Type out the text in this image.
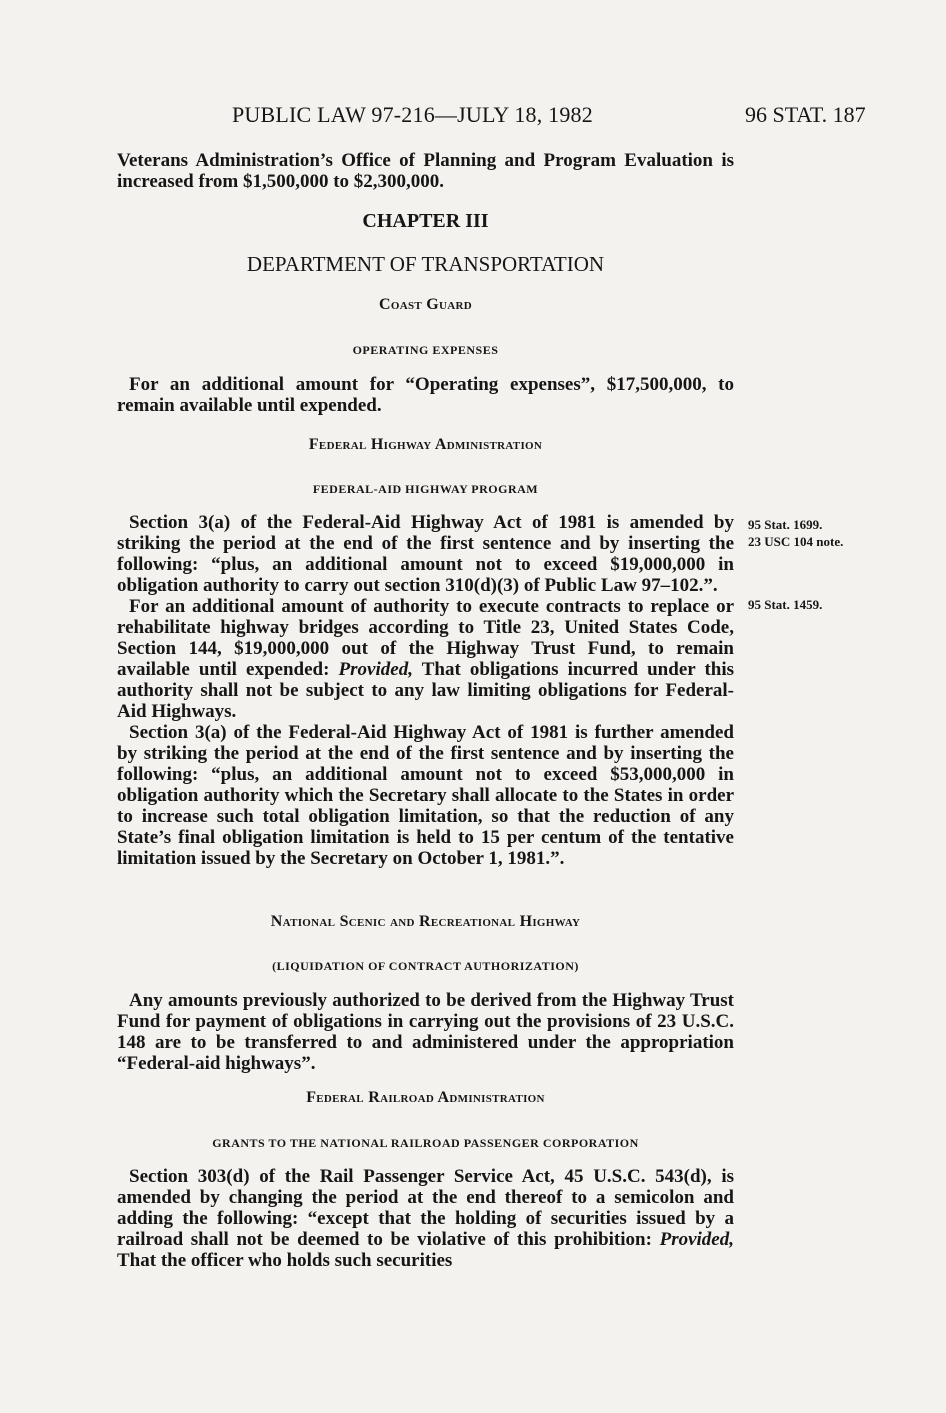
PUBLIC LAW 97-216—JULY 18, 1982	96 STAT. 187

Veterans Administration’s Office of Planning and Program Evaluation is increased from $1,500,000 to $2,300,000.

CHAPTER III
DEPARTMENT OF TRANSPORTATION
Coast Guard
OPERATING EXPENSES

For an additional amount for “Operating expenses”, $17,500,000, to remain available until expended.

Federal Highway Administration
FEDERAL-AID HIGHWAY PROGRAM

Section 3(a) of the Federal-Aid Highway Act of 1981 is amended by striking the period at the end of the first sentence and by inserting the following: “plus, an additional amount not to exceed $19,000,000 in obligation authority to carry out section 310(d)(3) of Public Law 97–102.”.

For an additional amount of authority to execute contracts to replace or rehabilitate highway bridges according to Title 23, United States Code, Section 144, $19,000,000 out of the Highway Trust Fund, to remain available until expended: Provided, That obligations incurred under this authority shall not be subject to any law limiting obligations for Federal-Aid Highways.

Section 3(a) of the Federal-Aid Highway Act of 1981 is further amended by striking the period at the end of the first sentence and by inserting the following: “plus, an additional amount not to exceed $53,000,000 in obligation authority which the Secretary shall allocate to the States in order to increase such total obligation limitation, so that the reduction of any State’s final obligation limitation is held to 15 per centum of the tentative limitation issued by the Secretary on October 1, 1981.”.

95 Stat. 1699.
23 USC 104 note.
95 Stat. 1459.
National Scenic and Recreational Highway
(LIQUIDATION OF CONTRACT AUTHORIZATION)

Any amounts previously authorized to be derived from the Highway Trust Fund for payment of obligations in carrying out the provisions of 23 U.S.C. 148 are to be transferred to and administered under the appropriation “Federal-aid highways”.

Federal Railroad Administration
GRANTS TO THE NATIONAL RAILROAD PASSENGER CORPORATION

Section 303(d) of the Rail Passenger Service Act, 45 U.S.C. 543(d), is amended by changing the period at the end thereof to a semicolon and adding the following: “except that the holding of securities issued by a railroad shall not be deemed to be violative of this prohibition: Provided, That the officer who holds such securities
